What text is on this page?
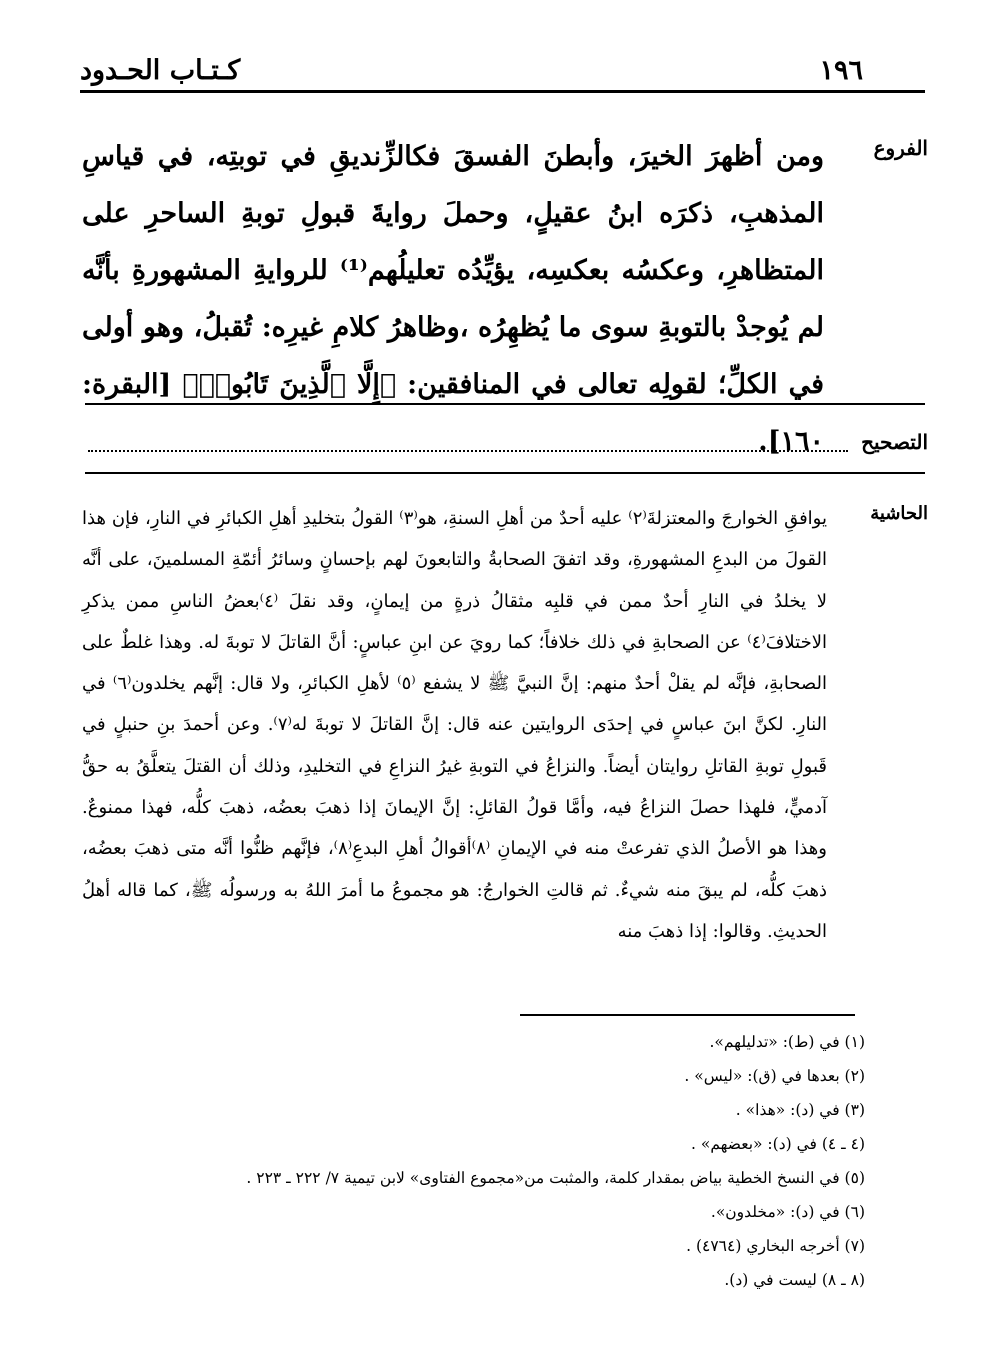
كـتـاب الحـدود	١٩٦
الفروع
ومن أظهرَ الخيرَ، وأبطنَ الفسقَ فكالزِّنديقِ في توبتِه، في قياسِ المذهبِ، ذكرَه ابنُ عقيلٍ، وحملَ روايةَ قبولِ توبةِ الساحرِ على المتظاهرِ، وعكسُه بعكسِه، يؤيِّدُه تعليلُهم⁽¹⁾ للروايةِ المشهورةِ بأنَّه لم يُوجدْ بالتوبةِ سوى ما يُظهِرُه ،وظاهرُ كلامِ غيرِه: تُقبلُ، وهو أولى في الكلِّ؛ لقولِه تعالى في المنافقين: ﴿إِلَّا ٱلَّذِينَ تَابُوا۟﴾ [البقرة: ١٦٠]. التصحيح
الحاشية
يوافقِ الخوارجَ والمعتزلةَ⁽٢⁾ عليه أحدٌ من أهلِ السنةِ، هو⁽٣⁾ القولُ بتخليدِ أهلِ الكبائرِ في النارِ، فإن هذا القولَ من البدعِ المشهورةِ، وقد اتفقَ الصحابةُ والتابعونَ لهم بإحسانٍ وسائرُ أئمّةِ المسلمينَ، على أنَّه لا يخلدُ في النارِ أحدٌ ممن في قلبِه مثقالُ ذرةٍ من إيمانٍ، وقد نقلَ ⁽٤⁾بعضُ الناسِ ممن يذكرِ الاختلافَ⁽٤⁾ عن الصحابةِ في ذلك خلافاً؛ كما رويَ عن ابنِ عباسٍ: أنَّ القاتلَ لا توبةَ له. وهذا غلطٌ على الصحابةِ، فإنَّه لم يقلْ أحدٌ منهم: إنَّ النبيَّ ﷺ لا يشفع ⁽٥⁾ لأهلِ الكبائرِ، ولا قال: إنَّهم يخلدون⁽٦⁾ في النارِ. لكنَّ ابنَ عباسٍ في إحدَى الروايتين عنه قال: إنَّ القاتلَ لا توبةَ له⁽٧⁾. وعن أحمدَ بنِ حنبلٍ في قَبولِ توبةِ القاتلِ روايتان أيضاً. والنزاعُ في التوبةِ غيرُ النزاعِ في التخليدِ، وذلك أن القتلَ يتعلَّقُ به حقُّ آدميٍّ، فلهذا حصلَ النزاعُ فيه، وأمَّا قولُ القائلِ: إنَّ الإيمانَ إذا ذهبَ بعضُه، ذهبَ كلُّه، فهذا ممنوعٌ. وهذا هو الأصلُ الذي تفرعتْ منه في الإيمانِ ⁽٨⁾أقوالُ أهلِ البدعِ⁽٨⁾، فإنَّهم ظنُّوا أنَّه متى ذهبَ بعضُه، ذهبَ كلُّه، لم يبقَ منه شيءٌ. ثم قالتِ الخوارجُ: هو مجموعُ ما أمرَ اللهُ به ورسولُه ﷺ، كما قاله أهلُ الحديثِ. وقالوا: إذا ذهبَ منه
(١) في (ط): «تدليلهم».
(٢) بعدها في (ق): «ليس» .
(٣) في (د): «هذا» .
(٤ ـ ٤) في (د): «بعضهم» .
(٥) في النسخ الخطية بياض بمقدار كلمة، والمثبت من«مجموع الفتاوى» لابن تيمية ٧/ ٢٢٢ ـ ٢٢٣ .
(٦) في (د): «مخلدون».
(٧) أخرجه البخاري (٤٧٦٤) .
(٨ ـ ٨) ليست في (د).
